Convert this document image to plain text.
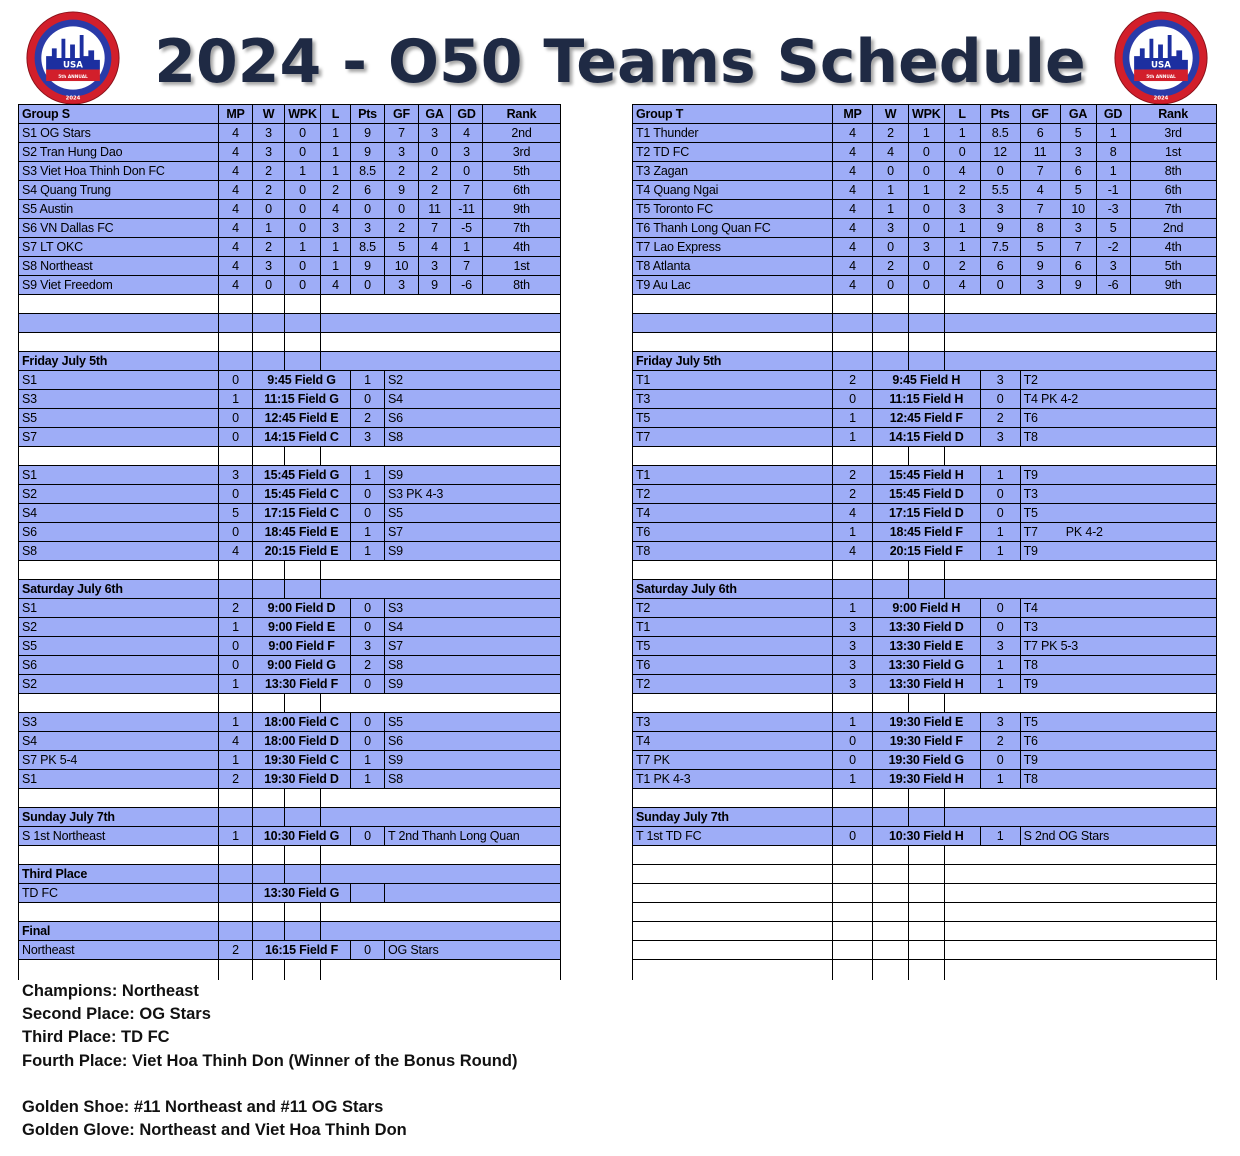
USA
5th ANNUAL
2024
USA
5th ANNUAL
2024
2024 - O50 Teams Schedule
Group S	MP	W	WPK	L	Pts	GF	GA	GD	Rank
S1 OG Stars	4	3	0	1	9	7	3	4	2nd
S2 Tran Hung Dao	4	3	0	1	9	3	0	3	3rd
S3 Viet Hoa Thinh Don FC	4	2	1	1	8.5	2	2	0	5th
S4 Quang Trung	4	2	0	2	6	9	2	7	6th
S5 Austin	4	0	0	4	0	0	11	-11	9th
S6 VN Dallas FC	4	1	0	3	3	2	7	-5	7th
S7 LT OKC	4	2	1	1	8.5	5	4	1	4th
S8 Northeast	4	3	0	1	9	10	3	7	1st
S9 Viet Freedom	4	0	0	4	0	3	9	-6	8th

Friday July 5th									
S1	0	9:45 Field G			1	S2			
S3	1	11:15 Field G			0	S4			
S5	0	12:45 Field E			2	S6			
S7	0	14:15 Field C			3	S8			

S1	3	15:45 Field G			1	S9			
S2	0	15:45 Field C			0	S3 PK 4-3			
S4	5	17:15 Field C			0	S5			
S6	0	18:45 Field E			1	S7			
S8	4	20:15 Field E			1	S9			

Saturday July 6th									
S1	2	9:00 Field D			0	S3			
S2	1	9:00 Field E			0	S4			
S5	0	9:00 Field F			3	S7			
S6	0	9:00 Field G			2	S8			
S2	1	13:30 Field F			0	S9			

S3	1	18:00 Field C			0	S5			
S4	4	18:00 Field D			0	S6			
S7 PK 5-4	1	19:30 Field C			1	S9			
S1	2	19:30 Field D			1	S8			

Sunday July 7th									
S 1st Northeast	1	10:30 Field G			0	T 2nd Thanh Long Quan			

Third Place									
TD FC		13:30 Field G							

Final									
Northeast	2	16:15 Field F			0	OG Stars			

Group T	MP	W	WPK	L	Pts	GF	GA	GD	Rank
T1 Thunder	4	2	1	1	8.5	6	5	1	3rd
T2 TD FC	4	4	0	0	12	11	3	8	1st
T3 Zagan	4	0	0	4	0	7	6	1	8th
T4 Quang Ngai	4	1	1	2	5.5	4	5	-1	6th
T5 Toronto FC	4	1	0	3	3	7	10	-3	7th
T6 Thanh Long Quan FC	4	3	0	1	9	8	3	5	2nd
T7 Lao Express	4	0	3	1	7.5	5	7	-2	4th
T8 Atlanta	4	2	0	2	6	9	6	3	5th
T9 Au Lac	4	0	0	4	0	3	9	-6	9th

Friday July 5th									
T1	2	9:45 Field H			3	T2			
T3	0	11:15 Field H			0	T4 PK 4-2			
T5	1	12:45 Field F			2	T6			
T7	1	14:15 Field D			3	T8			

T1	2	15:45 Field H			1	T9			
T2	2	15:45 Field D			0	T3			
T4	4	17:15 Field D			0	T5			
T6	1	18:45 Field F			1	T7 PK 4-2			
T8	4	20:15 Field F			1	T9			

Saturday July 6th									
T2	1	9:00 Field H			0	T4			
T1	3	13:30 Field D			0	T3			
T5	3	13:30 Field E			3	T7 PK 5-3			
T6	3	13:30 Field G			1	T8			
T2	3	13:30 Field H			1	T9			

T3	1	19:30 Field E			3	T5			
T4	0	19:30 Field F			2	T6			
T7 PK	0	19:30 Field G			0	T9			
T1 PK 4-3	1	19:30 Field H			1	T8			

Sunday July 7th									
T 1st TD FC	0	10:30 Field H			1	S 2nd OG Stars			

Champions: Northeast
Second Place: OG Stars
Third Place: TD FC
Fourth Place: Viet Hoa Thinh Don (Winner of the Bonus Round)
Golden Shoe: #11 Northeast and #11 OG Stars
Golden Glove: Northeast and Viet Hoa Thinh Don
